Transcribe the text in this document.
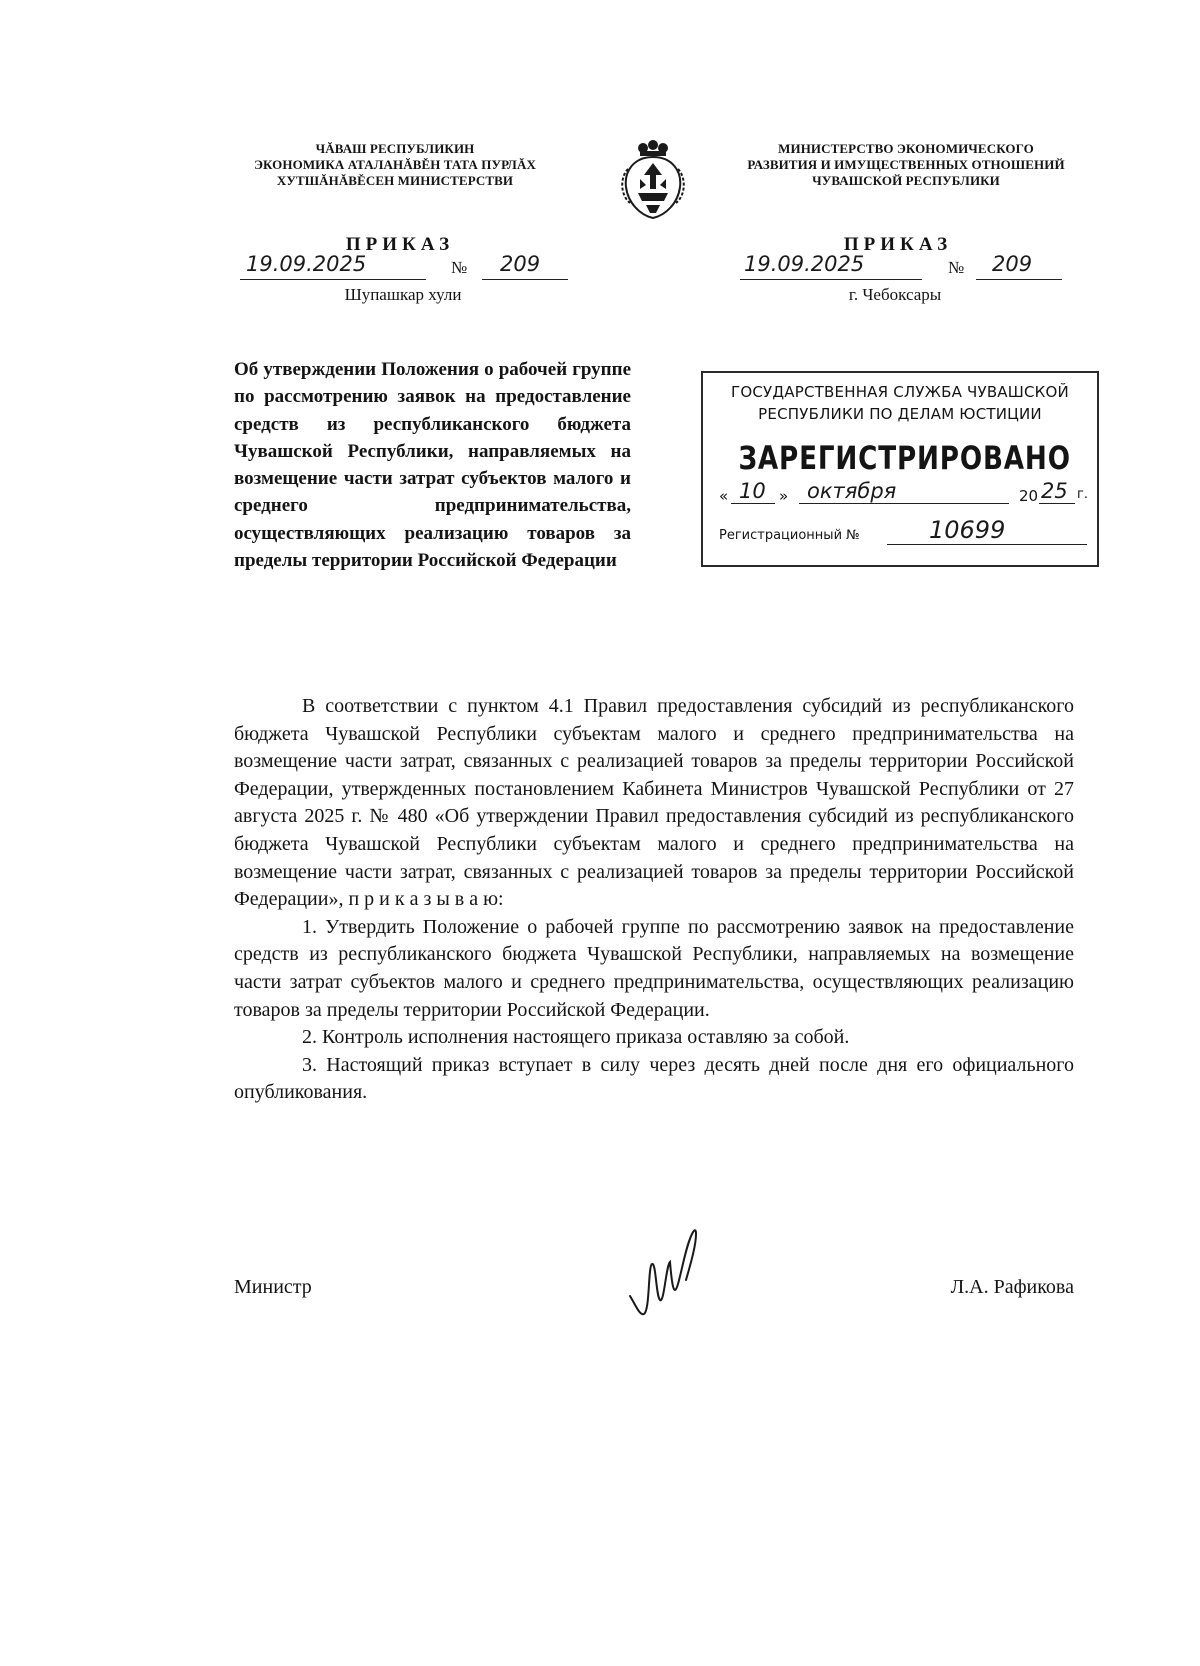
ЧĂВАШ РЕСПУБЛИКИН
ЭКОНОМИКА АТАЛАНĂВĚН ТАТА ПУРЛĂХ
ХУТШĂНĂВĚСЕН МИНИСТЕРСТВИ
МИНИСТЕРСТВО ЭКОНОМИЧЕСКОГО
РАЗВИТИЯ И ИМУЩЕСТВЕННЫХ ОТНОШЕНИЙ
ЧУВАШСКОЙ РЕСПУБЛИКИ
ПРИКАЗ	ПРИКАЗ
19.09.2025	№ 209
Шупашкар хули
19.09.2025	№ 209
г. Чебоксары
Об утверждении Положения о рабочей группе по рассмотрению заявок на предоставление средств из республиканского бюджета Чувашской Республики, направляемых на возмещение части затрат субъектов малого и среднего предпринимательства, осуществляющих реализацию товаров за пределы территории Российской Федерации
ГОСУДАРСТВЕННАЯ СЛУЖБА ЧУВАШСКОЙ
РЕСПУБЛИКИ ПО ДЕЛАМ ЮСТИЦИИ
ЗАРЕГИСТРИРОВАНО
« 10 » октября	20 25 г.
Регистрационный №	10699

В соответствии с пунктом 4.1 Правил предоставления субсидий из республиканского бюджета Чувашской Республики субъектам малого и среднего предпринимательства на возмещение части затрат, связанных с реализацией товаров за пределы территории Российской Федерации, утвержденных постановлением Кабинета Министров Чувашской Республики от 27 августа 2025 г. № 480 «Об утверждении Правил предоставления субсидий из республиканского бюджета Чувашской Республики субъектам малого и среднего предпринимательства на возмещение части затрат, связанных с реализацией товаров за пределы территории Российской Федерации», п р и к а з ы в а ю:

1. Утвердить Положение о рабочей группе по рассмотрению заявок на предоставление средств из республиканского бюджета Чувашской Республики, направляемых на возмещение части затрат субъектов малого и среднего предпринимательства, осуществляющих реализацию товаров за пределы территории Российской Федерации.

2. Контроль исполнения настоящего приказа оставляю за собой.

3. Настоящий приказ вступает в силу через десять дней после дня его официального опубликования.

Министр	Л.А. Рафикова
